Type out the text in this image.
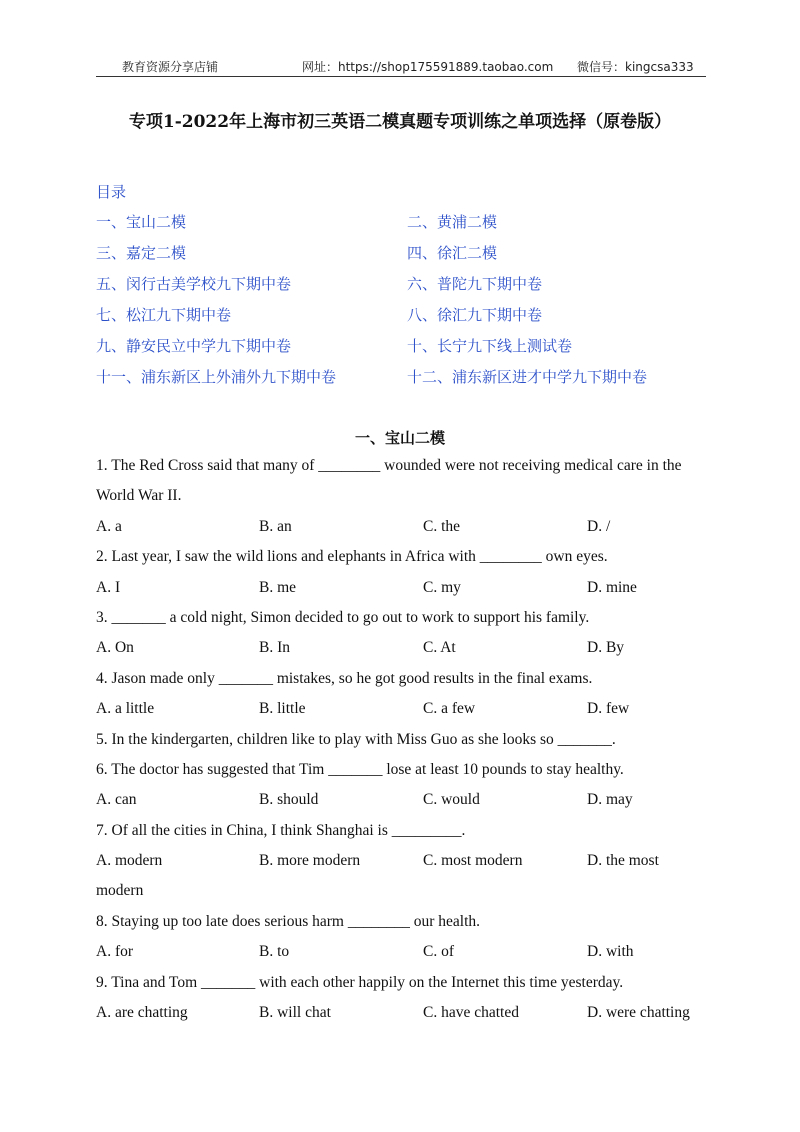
教育资源分享店铺	网址：https://shop175591889.taobao.com 微信号：kingcsa333
专项1-2022年上海市初三英语二模真题专项训练之单项选择（原卷版）
目录
一、宝山二模	二、黄浦二模
三、嘉定二模	四、徐汇二模
五、闵行古美学校九下期中卷	六、普陀九下期中卷
七、松江九下期中卷	八、徐汇九下期中卷
九、静安民立中学九下期中卷	十、长宁九下线上测试卷
十一、浦东新区上外浦外九下期中卷	十二、浦东新区进才中学九下期中卷
一、宝山二模
1. The Red Cross said that many of ________ wounded were not receiving medical care in the
World War II.
A. a	B. an	C. the	D. /
2. Last year, I saw the wild lions and elephants in Africa with ________ own eyes.
A. I	B. me	C. my	D. mine
3. _______ a cold night, Simon decided to go out to work to support his family.
A. On	B. In	C. At	D. By
4. Jason made only _______ mistakes, so he got good results in the final exams.
A. a little	B. little	C. a few	D. few
5. In the kindergarten, children like to play with Miss Guo as she looks so _______.
6. The doctor has suggested that Tim _______ lose at least 10 pounds to stay healthy.
A. can	B. should	C. would	D. may
7. Of all the cities in China, I think Shanghai is _________.
A. modern	B. more modern	C. most modern	D. the most
modern
8. Staying up too late does serious harm ________ our health.
A. for	B. to	C. of	D. with
9. Tina and Tom _______ with each other happily on the Internet this time yesterday.
A. are chatting	B. will chat	C. have chatted	D. were chatting
